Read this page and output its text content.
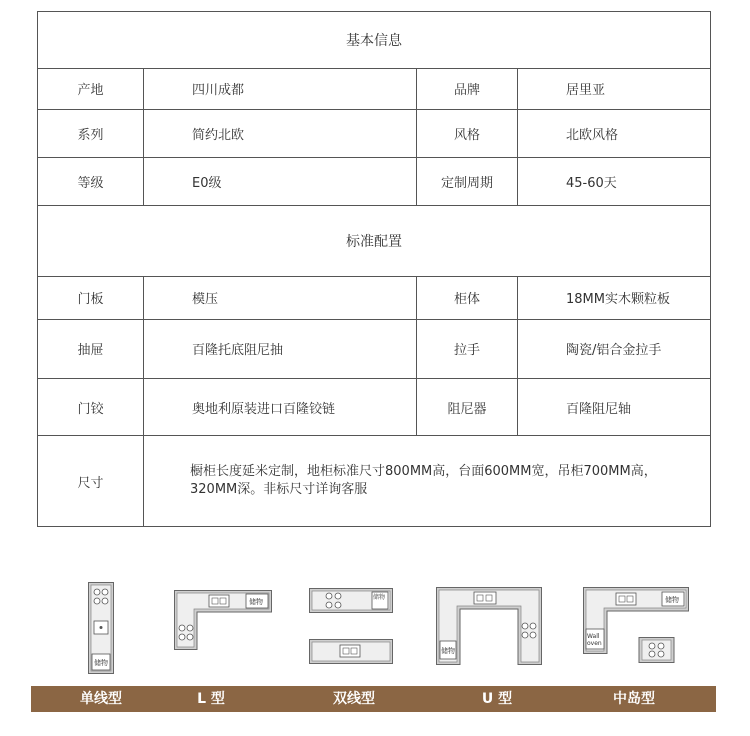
基本信息			
产地	四川成都	品牌	居里亚
系列	简约北欧	风格	北欧风格
等级	E0级	定制周期	45-60天
标准配置			
门板	模压	柜体	18MM实木颗粒板
抽屉	百隆托底阻尼抽	拉手	陶瓷/铝合金拉手
门铰	奥地利原装进口百隆铰链	阻尼器	百隆阻尼轴
尺寸	橱柜长度延米定制，地柜标准尺寸800MM高，台面600MM宽，吊柜700MM高，
320MM深。非标尺寸详询客服		
储物
储物
储物
储物
储物
Wall
oven
单线型	L 型	双线型	U 型	中岛型
